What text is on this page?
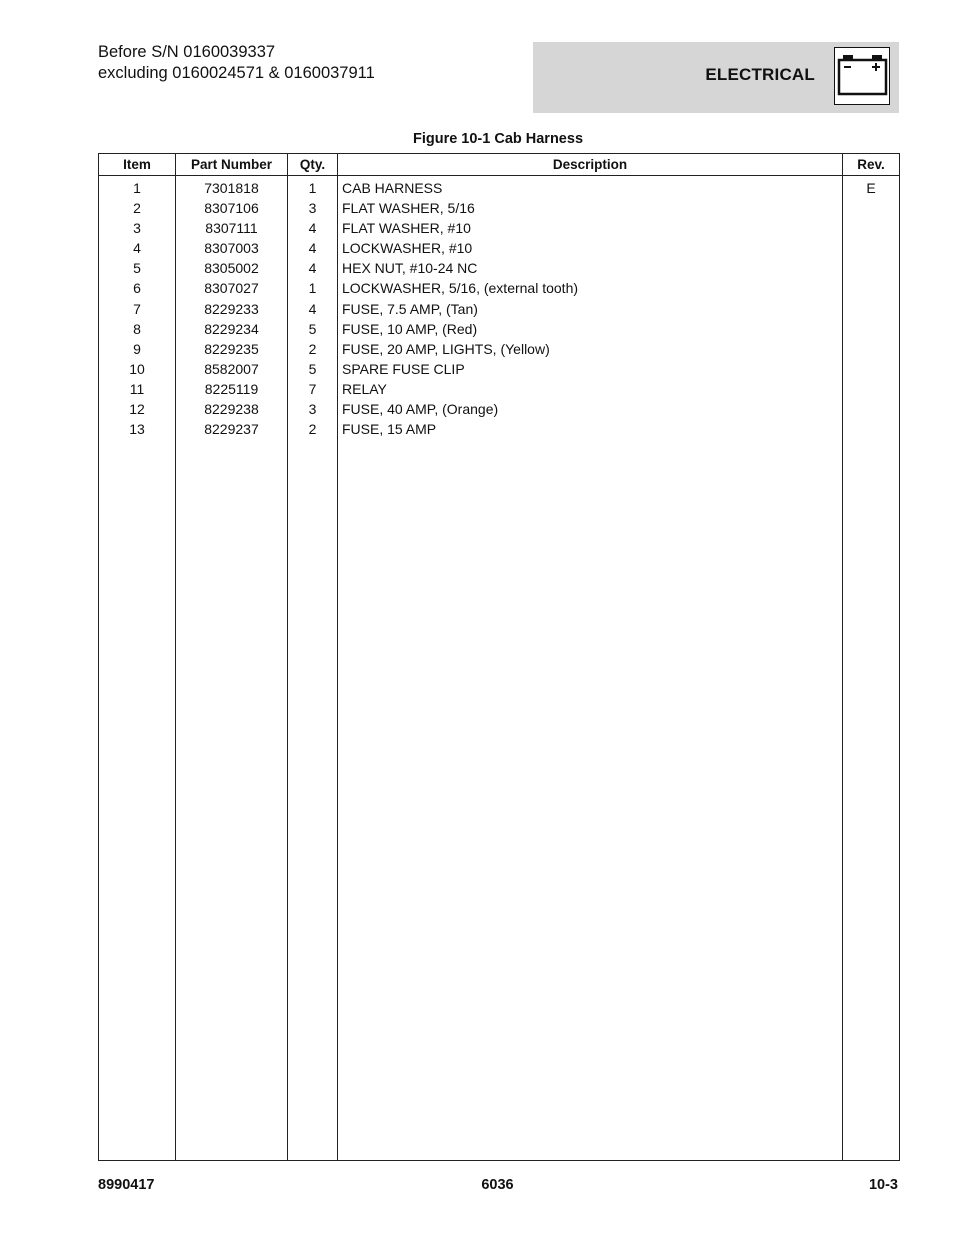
Before S/N 0160039337
excluding 0160024571 & 0160037911	ELECTRICAL
Figure 10-1 Cab Harness
Item	Part Number	Qty.	Description	Rev.
1	7301818	1	CAB HARNESS	E
2	8307106	3	FLAT WASHER, 5/16	
3	8307111	4	FLAT WASHER, #10	
4	8307003	4	LOCKWASHER, #10	
5	8305002	4	HEX NUT, #10-24 NC	
6	8307027	1	LOCKWASHER, 5/16, (external tooth)	
7	8229233	4	FUSE, 7.5 AMP, (Tan)	
8	8229234	5	FUSE, 10 AMP, (Red)	
9	8229235	2	FUSE, 20 AMP, LIGHTS, (Yellow)	
10	8582007	5	SPARE FUSE CLIP	
11	8225119	7	RELAY	
12	8229238	3	FUSE, 40 AMP, (Orange)	
13	8229237	2	FUSE, 15 AMP	

8990417	6036	10-3
